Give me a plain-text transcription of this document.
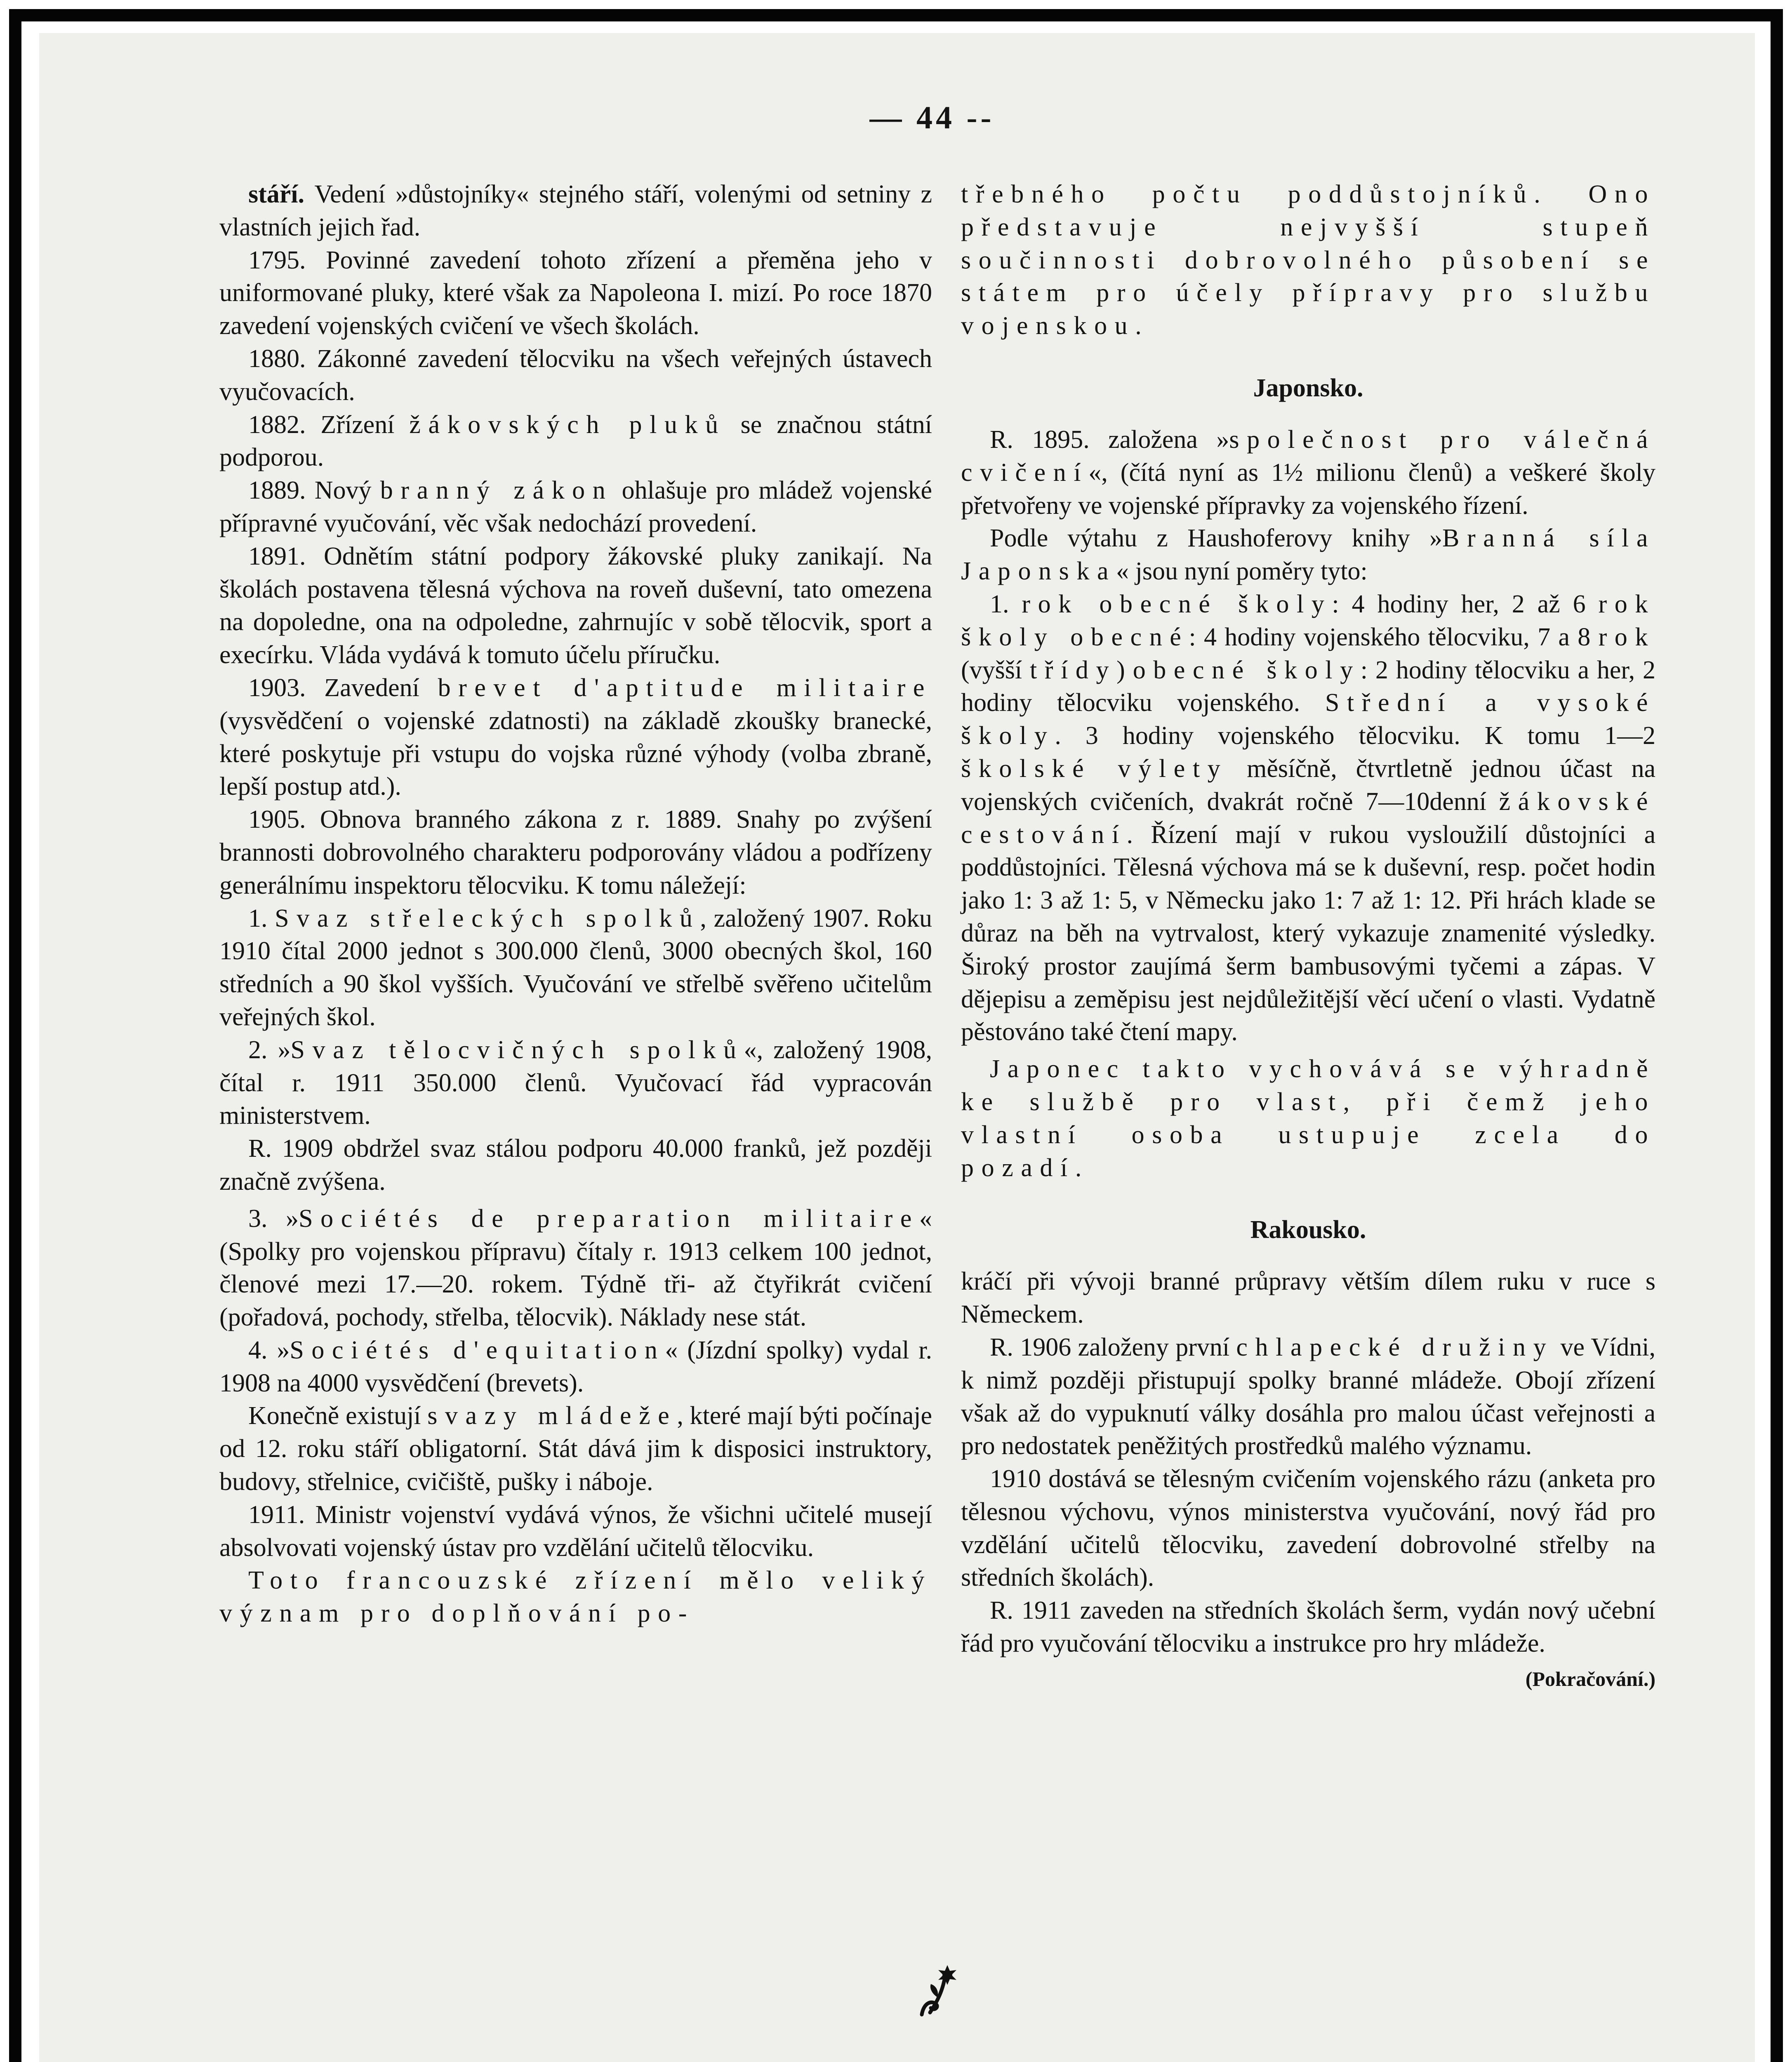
— 44 --

stáří. Vedení »důstojníky« stejného stáří, volenými od setniny z vlastních jejich řad.

1795. Povinné zavedení tohoto zřízení a přeměna jeho v uniformované pluky, které však za Napoleona I. mizí. Po roce 1870 zavedení vojenských cvičení ve všech školách.

1880. Zákonné zavedení tělocviku na všech veřejných ústavech vyučovacích.

1882. Zřízení žákovských pluků se značnou státní podporou.

1889. Nový branný zákon ohlašuje pro mládež vojenské přípravné vyučování, věc však nedochází provedení.

1891. Odnětím státní podpory žákovské pluky zanikají. Na školách postavena tělesná výchova na roveň duševní, tato omezena na dopoledne, ona na odpoledne, zahrnujíc v sobě tělocvik, sport a execírku. Vláda vydává k tomuto účelu příručku.

1903. Zavedení brevet d'aptitude militaire (vysvědčení o vojenské zdatnosti) na základě zkoušky branecké, které poskytuje při vstupu do vojska různé výhody (volba zbraně, lepší postup atd.).

1905. Obnova branného zákona z r. 1889. Snahy po zvýšení brannosti dobrovolného charakteru podporovány vládou a podřízeny generálnímu inspektoru tělocviku. K tomu náležejí:

1. Svaz střeleckých spolků, založený 1907. Roku 1910 čítal 2000 jednot s 300.000 členů, 3000 obecných škol, 160 středních a 90 škol vyšších. Vyučování ve střelbě svěřeno učitelům veřejných škol.

2. »Svaz tělocvičných spolků«, založený 1908, čítal r. 1911 350.000 členů. Vyučovací řád vypracován ministerstvem.

R. 1909 obdržel svaz stálou podporu 40.000 franků, jež později značně zvýšena.

3. »Sociétés de preparation militaire« (Spolky pro vojenskou přípravu) čítaly r. 1913 celkem 100 jednot, členové mezi 17.—20. rokem. Týdně tři- až čtyřikrát cvičení (pořadová, pochody, střelba, tělocvik). Náklady nese stát.

4. »Sociétés d'equitation« (Jízdní spolky) vydal r. 1908 na 4000 vysvědčení (brevets).

Konečně existují svazy mládeže, které mají býti počínaje od 12. roku stáří obligatorní. Stát dává jim k disposici instruktory, budovy, střelnice, cvičiště, pušky i náboje.

1911. Ministr vojenství vydává výnos, že všichni učitelé musejí absolvovati vojenský ústav pro vzdělání učitelů tělocviku.

Toto francouzské zřízení mělo veliký význam pro doplňování po-

třebného počtu poddůstojníků. Ono představuje nejvyšší stupeň součinnosti dobrovolného působení se státem pro účely přípravy pro službu vojenskou.

Japonsko.

R. 1895. založena »společnost pro válečná cvičení«, (čítá nyní as 1½ milionu členů) a veškeré školy přetvořeny ve vojenské přípravky za vojenského řízení.

Podle výtahu z Haushoferovy knihy »Branná síla Japonska« jsou nyní poměry tyto:

1. rok obecné školy: 4 hodiny her, 2 až 6 rok školy obecné: 4 hodiny vojenského tělocviku, 7 a 8 rok (vyšší třídy) obecné školy: 2 hodiny tělocviku a her, 2 hodiny tělocviku vojenského. Střední a vysoké školy. 3 hodiny vojenského tělocviku. K tomu 1—2 školské výlety měsíčně, čtvrtletně jednou účast na vojenských cvičeních, dvakrát ročně 7—10denní žákovské cestování. Řízení mají v rukou vysloužilí důstojníci a poddůstojníci. Tělesná výchova má se k duševní, resp. počet hodin jako 1: 3 až 1: 5, v Německu jako 1: 7 až 1: 12. Při hrách klade se důraz na běh na vytrvalost, který vykazuje znamenité výsledky. Široký prostor zaujímá šerm bambusovými tyčemi a zápas. V dějepisu a zeměpisu jest nejdůležitější věcí učení o vlasti. Vydatně pěstováno také čtení mapy.

Japonec takto vychovává se výhradně ke službě pro vlast, při čemž jeho vlastní osoba ustupuje zcela do pozadí.

Rakousko.

kráčí při vývoji branné průpravy větším dílem ruku v ruce s Německem.

R. 1906 založeny první chlapecké družiny ve Vídni, k nimž později přistupují spolky branné mládeže. Obojí zřízení však až do vypuknutí války dosáhla pro malou účast veřejnosti a pro nedostatek peněžitých prostředků malého významu.

1910 dostává se tělesným cvičením vojenského rázu (anketa pro tělesnou výchovu, výnos ministerstva vyučování, nový řád pro vzdělání učitelů tělocviku, zavedení dobrovolné střelby na středních školách).

R. 1911 zaveden na středních školách šerm, vydán nový učební řád pro vyučování tělocviku a instrukce pro hry mládeže.
(Pokračování.)
